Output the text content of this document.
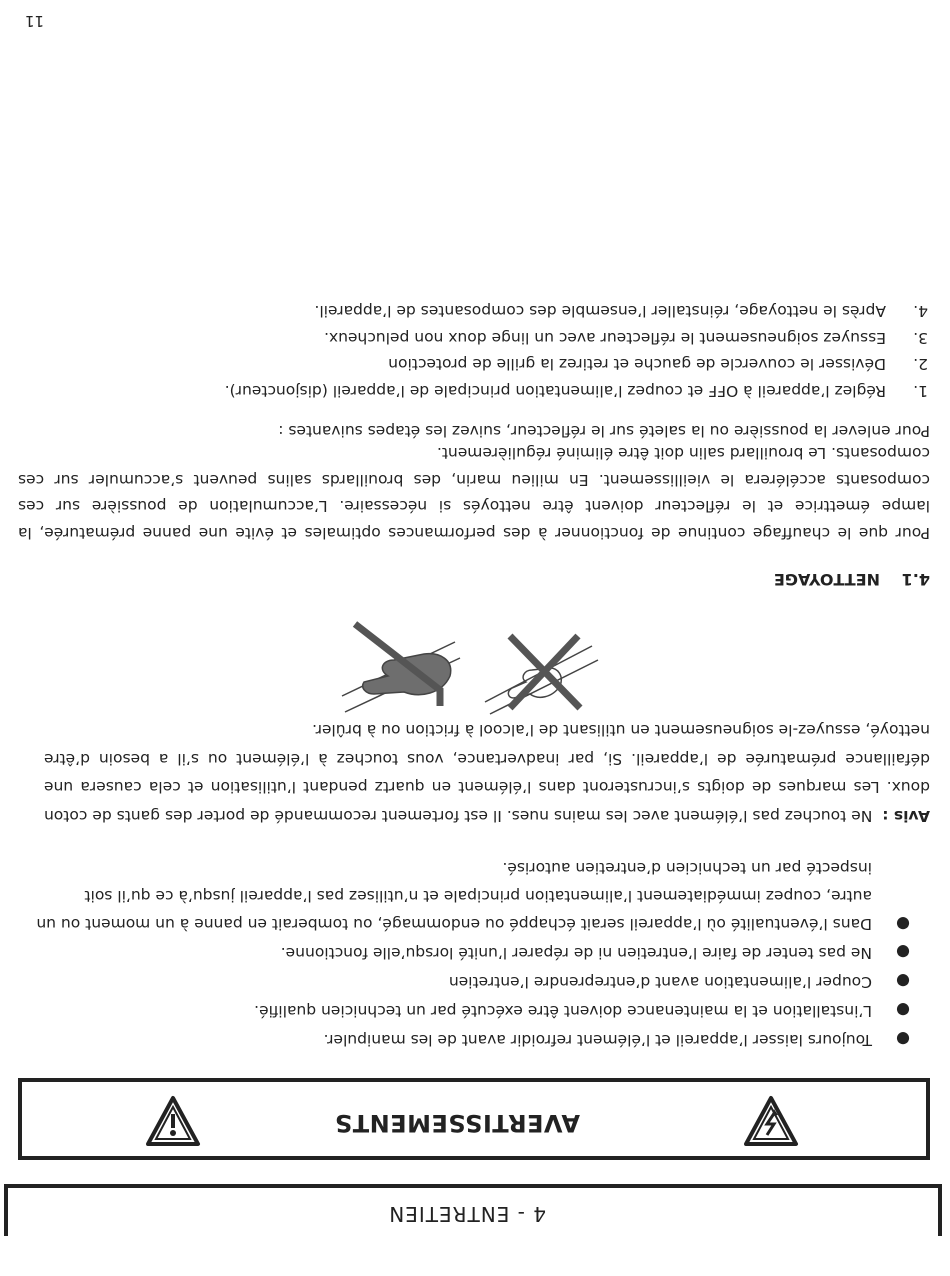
4 - ENTRETIEN
AVERTISSEMENTS
●
Toujours laisser l’appareil et l’élément refroidir avant de les manipuler.
●
L’installation et la maintenance doivent être exécuté par un technicien qualifié.
●
Couper l’alimentation avant d’entreprendre l’entretien
●
Ne pas tenter de faire l’entretien ni de réparer l’unité lorsqu’elle fonctionne.
●
Dans l’éventualité où l’appareil serait échappé ou endommagé, ou tomberait en panne à un moment ou un autre, coupez immédiatement l’alimentation principale et n’utilisez pas l’appareil jusqu’à ce qu’il soit inspecté par un technicien d’entretien autorisé.
Avis :  Ne touchez pas l’élément avec les mains nues. Il est fortement recommandé de porter des gants de coton doux. Les marques de doigts s’incrusteront dans l’élément en quartz pendant l’utilisation et cela causera une défaillance prématurée de l’appareil. Si, par inadvertance, vous touchez à l’élément ou s’il a besoin d’être nettoyé, essuyez-le soigneusement en utilisant de l’alcool à friction ou à brûler.
4.1NETTOYAGE
Pour que le chauffage continue de fonctionner à des performances optimales et évite une panne prématurée, la lampe émettrice et le réflecteur doivent être nettoyés si nécessaire. L’accumulation de poussière sur ces composants accélérera le vieillissement. En milieu marin, des brouillards salins peuvent s’accumuler sur ces composants. Le brouillard salin doit être éliminé régulièrement.
Pour enlever la poussière ou la saleté sur le réflecteur, suivez les étapes suivantes :
1.Réglez l’appareil à OFF et coupez l’alimentation principale de l’appareil (disjoncteur).
2.Dévisser le couvercle de gauche et retirez la grille de protection
3.Essuyez soigneusement le réflecteur avec un linge doux non pelucheux.
4.Après le nettoyage, réinstaller l’ensemble des composantes de l’appareil.
11
